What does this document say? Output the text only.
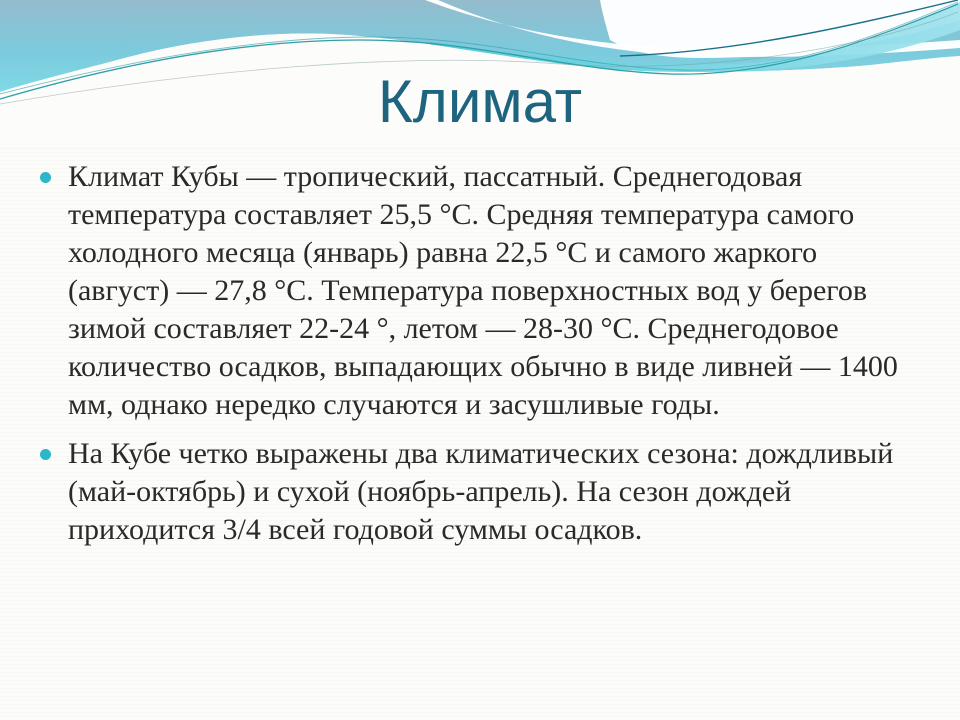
Климат
Климат Кубы — тропический, пассатный. Среднегодовая температура составляет 25,5 °C. Средняя температура самого холодного месяца (январь) равна 22,5 °C и самого жаркого (август) — 27,8 °C. Температура поверхностных вод у берегов зимой составляет 22-24 °, летом — 28-30 °C. Среднегодовое количество осадков, выпадающих обычно в виде ливней — 1400 мм, однако нередко случаются и засушливые годы.
На Кубе четко выражены два климатических сезона: дождливый (май-октябрь) и сухой (ноябрь-апрель). На сезон дождей приходится 3/4 всей годовой суммы осадков.
